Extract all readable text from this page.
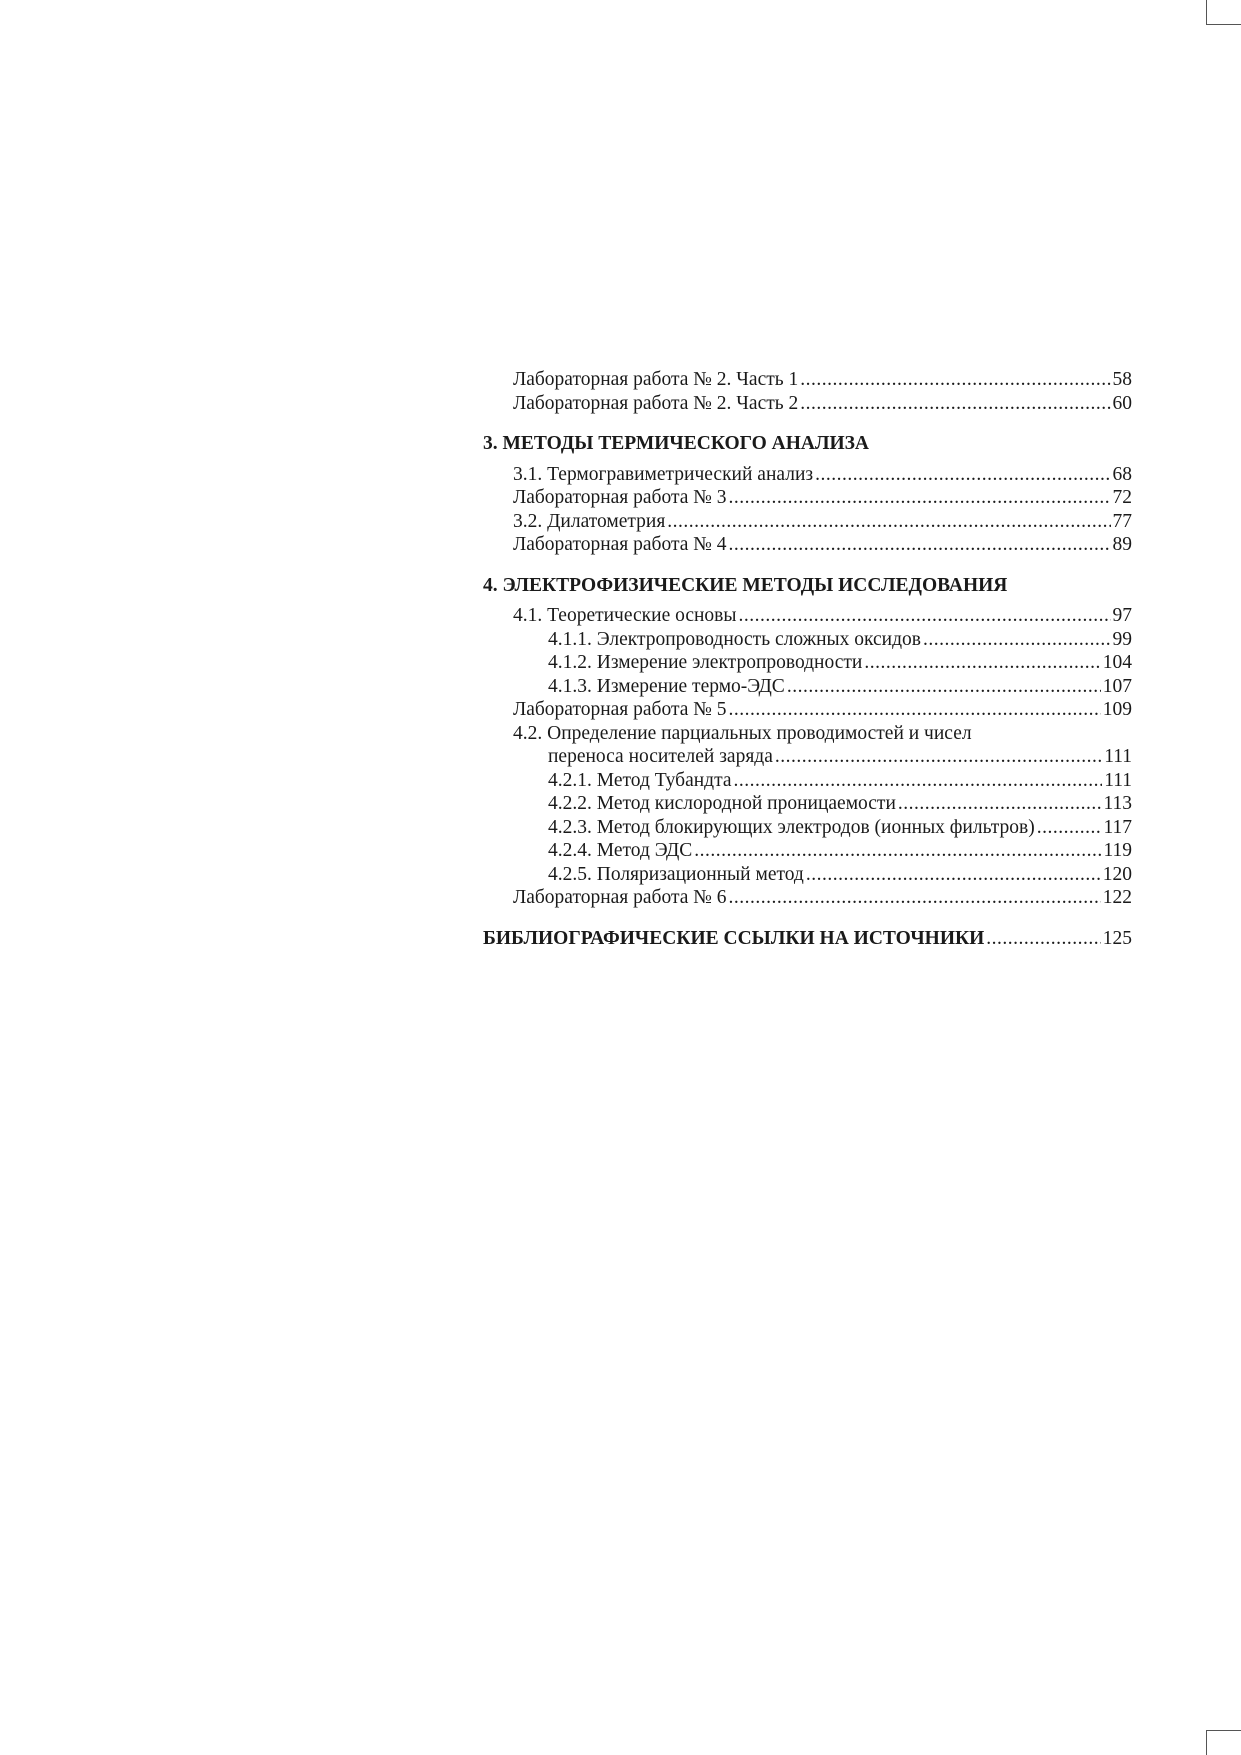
Лабораторная работа № 2. Часть 1 .....	58
Лабораторная работа № 2. Часть 2 .....	60
3. МЕТОДЫ ТЕРМИЧЕСКОГО АНАЛИЗА
3.1. Термогравиметрический анализ .....	68
Лабораторная работа № 3 .....	72
3.2. Дилатометрия .....	77
Лабораторная работа № 4 .....	89
4. ЭЛЕКТРОФИЗИЧЕСКИЕ МЕТОДЫ ИССЛЕДОВАНИЯ
4.1. Теоретические основы .....	97
4.1.1. Электропроводность сложных оксидов .....	99
4.1.2. Измерение электропроводности .....	104
4.1.3. Измерение термо-ЭДС .....	107
Лабораторная работа № 5 .....	109
4.2. Определение парциальных проводимостей и чисел
переноса носителей заряда .....	111
4.2.1. Метод Тубандта .....	111
4.2.2. Метод кислородной проницаемости .....	113
4.2.3. Метод блокирующих электродов (ионных фильтров) .....	117
4.2.4. Метод ЭДС .....	119
4.2.5. Поляризационный метод .....	120
Лабораторная работа № 6 .....	122
БИБЛИОГРАФИЧЕСКИЕ ССЫЛКИ НА ИСТОЧНИКИ .....	125
